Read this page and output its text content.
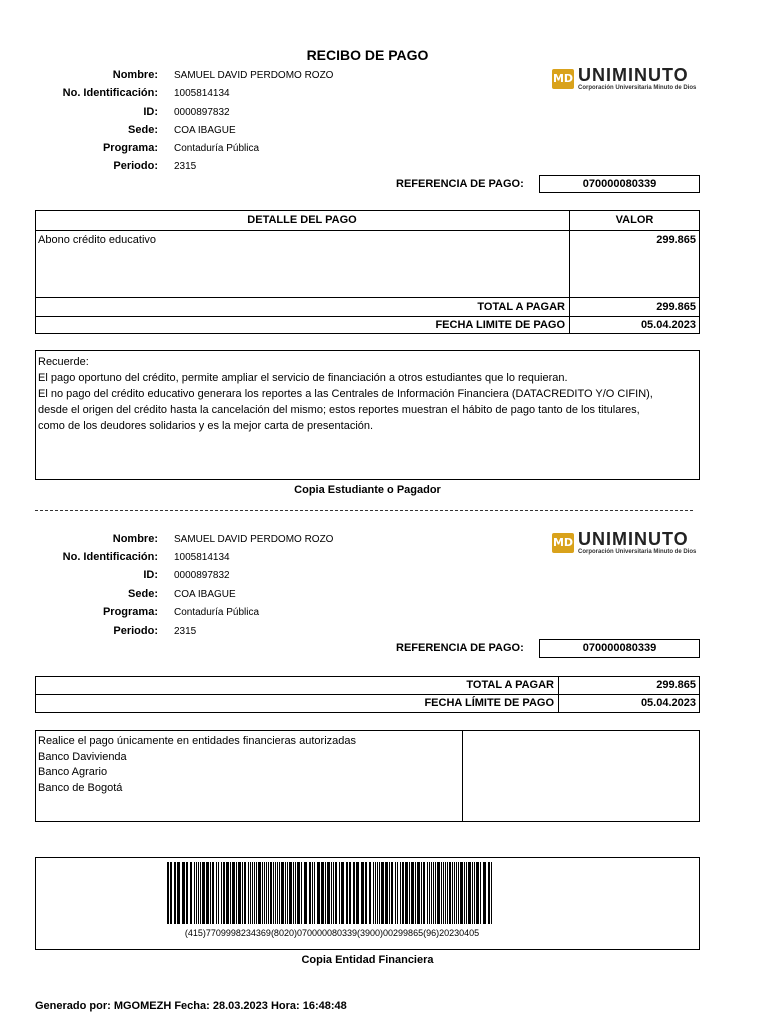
RECIBO DE PAGO
Nombre: SAMUEL DAVID PERDOMO ROZO
No. Identificación: 1005814134
ID: 0000897832
Sede: COA IBAGUE
Programa: Contaduría Pública
Periodo: 2315
MD UNIMINUTO
Corporación Universitaria Minuto de Dios
REFERENCIA DE PAGO:	070000080339
DETALLE DEL PAGO	VALOR
Abono crédito educativo	299.865
TOTAL A PAGAR	299.865
FECHA LIMITE DE PAGO	05.04.2023
Recuerde:
El pago oportuno del crédito, permite ampliar el servicio de financiación a otros estudiantes que lo requieran.
El no pago del crédito educativo generara los reportes a las Centrales de Información Financiera (DATACREDITO Y/O CIFIN),
desde el origen del crédito hasta la cancelación del mismo; estos reportes muestran el hábito de pago tanto de los titulares,
como de los deudores solidarios y es la mejor carta de presentación.
Copia Estudiante o Pagador
Nombre: SAMUEL DAVID PERDOMO ROZO
No. Identificación: 1005814134
ID: 0000897832
Sede: COA IBAGUE
Programa: Contaduría Pública
Periodo: 2315
MD UNIMINUTO
Corporación Universitaria Minuto de Dios
REFERENCIA DE PAGO:	070000080339
TOTAL A PAGAR	299.865
FECHA LÍMITE DE PAGO	05.04.2023
Realice el pago únicamente en entidades financieras autorizadas
Banco Davivienda
Banco Agrario
Banco de Bogotá
(415)7709998234369(8020)070000080339(3900)00299865(96)20230405
Copia Entidad Financiera
Generado por: MGOMEZH Fecha: 28.03.2023 Hora: 16:48:48
